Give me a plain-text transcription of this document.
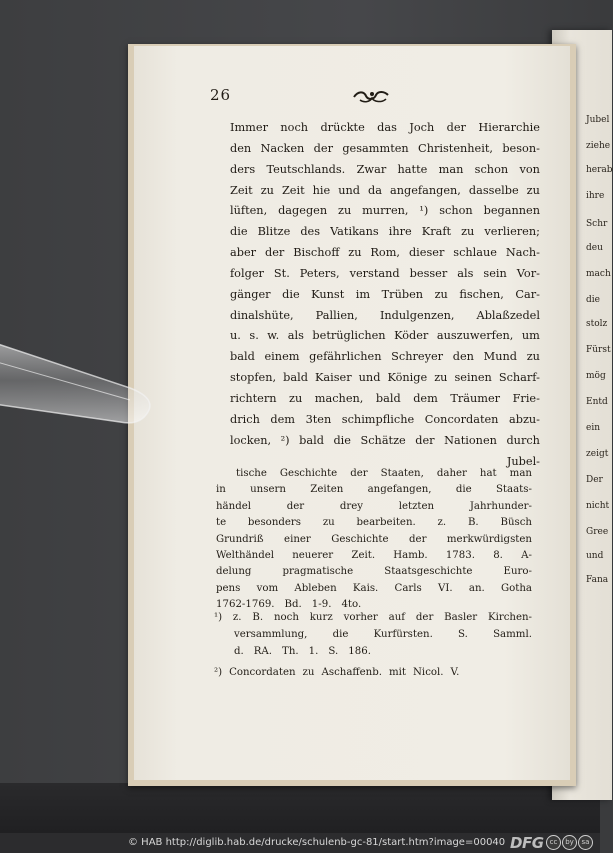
Jubel
ziehe
herab
ihre
Schr
deu
mach
die
stolz
Fürst
mög
Entd
ein
zeigt
Der
nicht
Gree
und
Fana
26
Immer noch drückte das Joch der Hierarchie
den Nacken der gesammten Christenheit, beson-
ders Teutschlands. Zwar hatte man schon von
Zeit zu Zeit hie und da angefangen, dasselbe zu
lüften, dagegen zu murren, ¹) schon begannen
die Blitze des Vatikans ihre Kraft zu verlieren;
aber der Bischoff zu Rom, dieser schlaue Nach-
folger St. Peters, verstand besser als sein Vor-
gänger die Kunst im Trüben zu fischen, Car-
dinalshüte, Pallien, Indulgenzen, Ablaßzedel
u. s. w. als betrüglichen Köder auszuwerfen, um
bald einem gefährlichen Schreyer den Mund zu
stopfen, bald Kaiser und Könige zu seinen Scharf-
richtern zu machen, bald dem Träumer Frie-
drich dem 3ten schimpfliche Concordaten abzu-
locken, ²) bald die Schätze der Nationen durch
Jubel-
tische Geschichte der Staaten, daher hat man
in unsern Zeiten angefangen, die Staats-
händel	der	drey	letzten	Jahrhunder-
te besonders zu bearbeiten. z. B. Büsch
Grundriß einer Geschichte der merkwürdigsten
Welthändel neuerer Zeit. Hamb. 1783. 8. A-
delung	pragmatische	Staatsgeschichte	Euro-
pens vom Ableben Kais. Carls VI. an. Gotha
1762-1769. Bd. 1-9. 4to.
¹) z. B. noch kurz vorher auf der Basler Kirchen-
versammlung, die Kurfürsten. S. Samml.
d. RA. Th. 1. S. 186.
²) Concordaten zu Aschaffenb. mit Nicol. V.
© HAB http://diglib.hab.de/drucke/schulenb-gc-81/start.htm?image=00040 DFG cc	by	sa
